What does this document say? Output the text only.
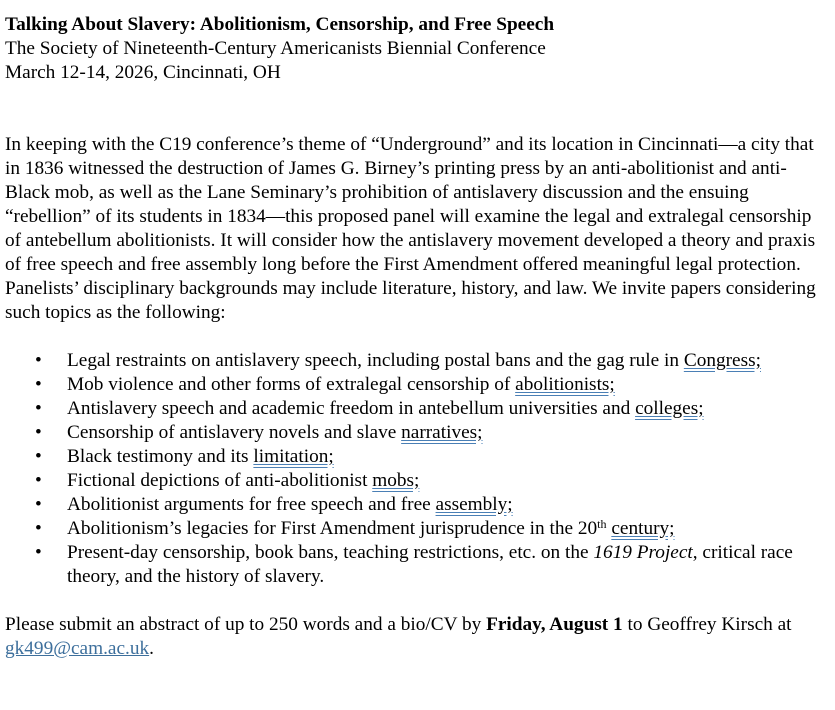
Talking About Slavery: Abolitionism, Censorship, and Free Speech
The Society of Nineteenth-Century Americanists Biennial Conference
March 12-14, 2026, Cincinnati, OH

In keeping with the C19 conference’s theme of “Underground” and its location in Cincinnati—a city that in 1836 witnessed the destruction of James G. Birney’s printing press by an anti-abolitionist and anti-Black mob, as well as the Lane Seminary’s prohibition of antislavery discussion and the ensuing “rebellion” of its students in 1834—this proposed panel will examine the legal and extralegal censorship of antebellum abolitionists. It will consider how the antislavery movement developed a theory and praxis of free speech and free assembly long before the First Amendment offered meaningful legal protection. Panelists’ disciplinary backgrounds may include literature, history, and law. We invite papers considering such topics as the following:

• Legal restraints on antislavery speech, including postal bans and the gag rule in Congress;
• Mob violence and other forms of extralegal censorship of abolitionists;
• Antislavery speech and academic freedom in antebellum universities and colleges;
• Censorship of antislavery novels and slave narratives;
• Black testimony and its limitation;
• Fictional depictions of anti-abolitionist mobs;
• Abolitionist arguments for free speech and free assembly;
• Abolitionism’s legacies for First Amendment jurisprudence in the 20th century;
• Present-day censorship, book bans, teaching restrictions, etc. on the 1619 Project, critical race theory, and the history of slavery.

Please submit an abstract of up to 250 words and a bio/CV by Friday, August 1 to Geoffrey Kirsch at gk499@cam.ac.uk.
